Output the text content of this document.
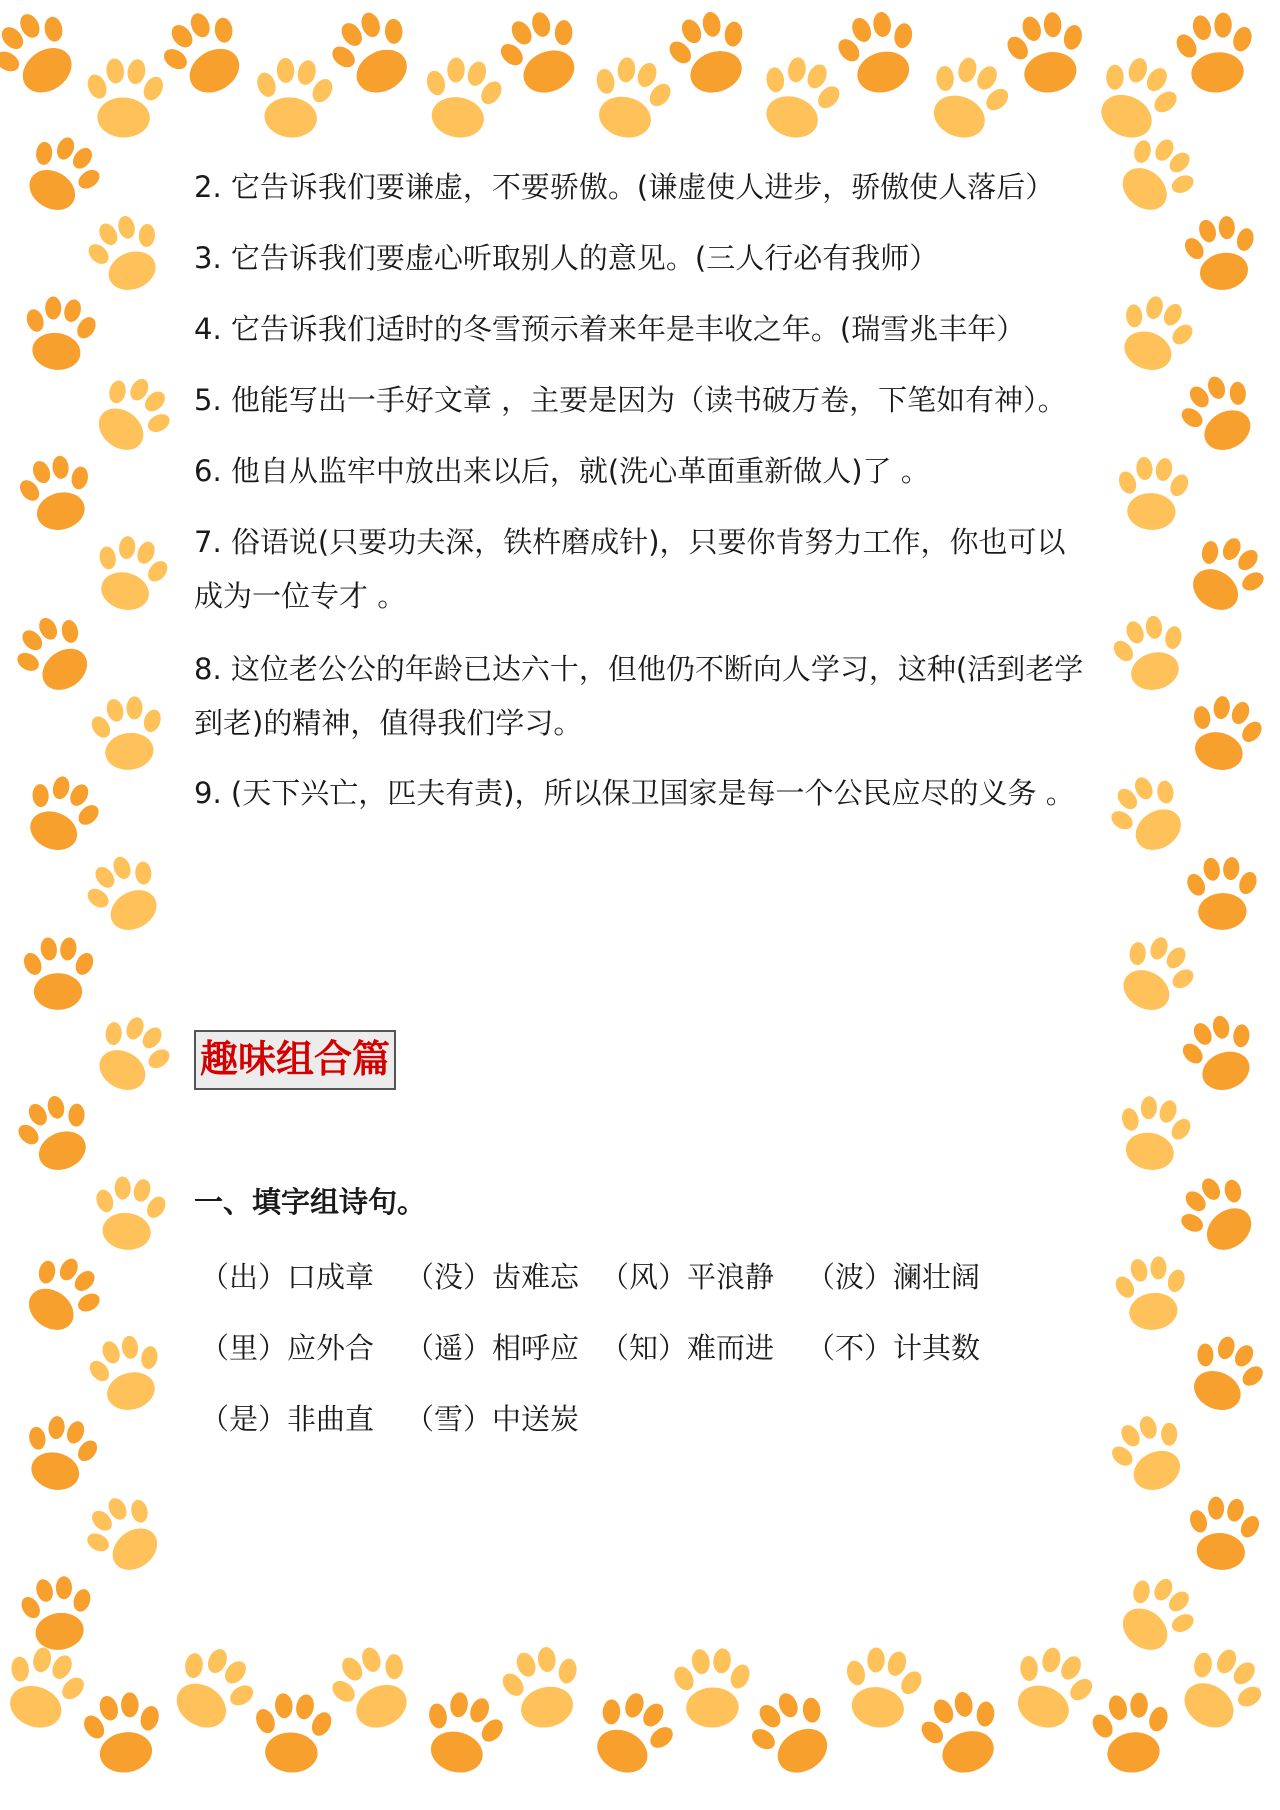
2. 它告诉我们要谦虚，不要骄傲。(谦虚使人进步，骄傲使人落后）
3. 它告诉我们要虚心听取别人的意见。(三人行必有我师）
4. 它告诉我们适时的冬雪预示着来年是丰收之年。(瑞雪兆丰年）
5. 他能写出一手好文章 ，主要是因为（读书破万卷，下笔如有神）。
6. 他自从监牢中放出来以后，就(洗心革面重新做人)了 。
7. 俗语说(只要功夫深，铁杵磨成针)，只要你肯努力工作，你也可以成为一位专才 。
8. 这位老公公的年龄已达六十，但他仍不断向人学习，这种(活到老学到老)的精神，值得我们学习。
9. (天下兴亡，匹夫有责)，所以保卫国家是每一个公民应尽的义务 。
趣味组合篇
一、填字组诗句。
（出）口成章 （没）齿难忘 （风）平浪静 （波）澜壮阔
（里）应外合 （遥）相呼应 （知）难而进 （不）计其数
（是）非曲直 （雪）中送炭
